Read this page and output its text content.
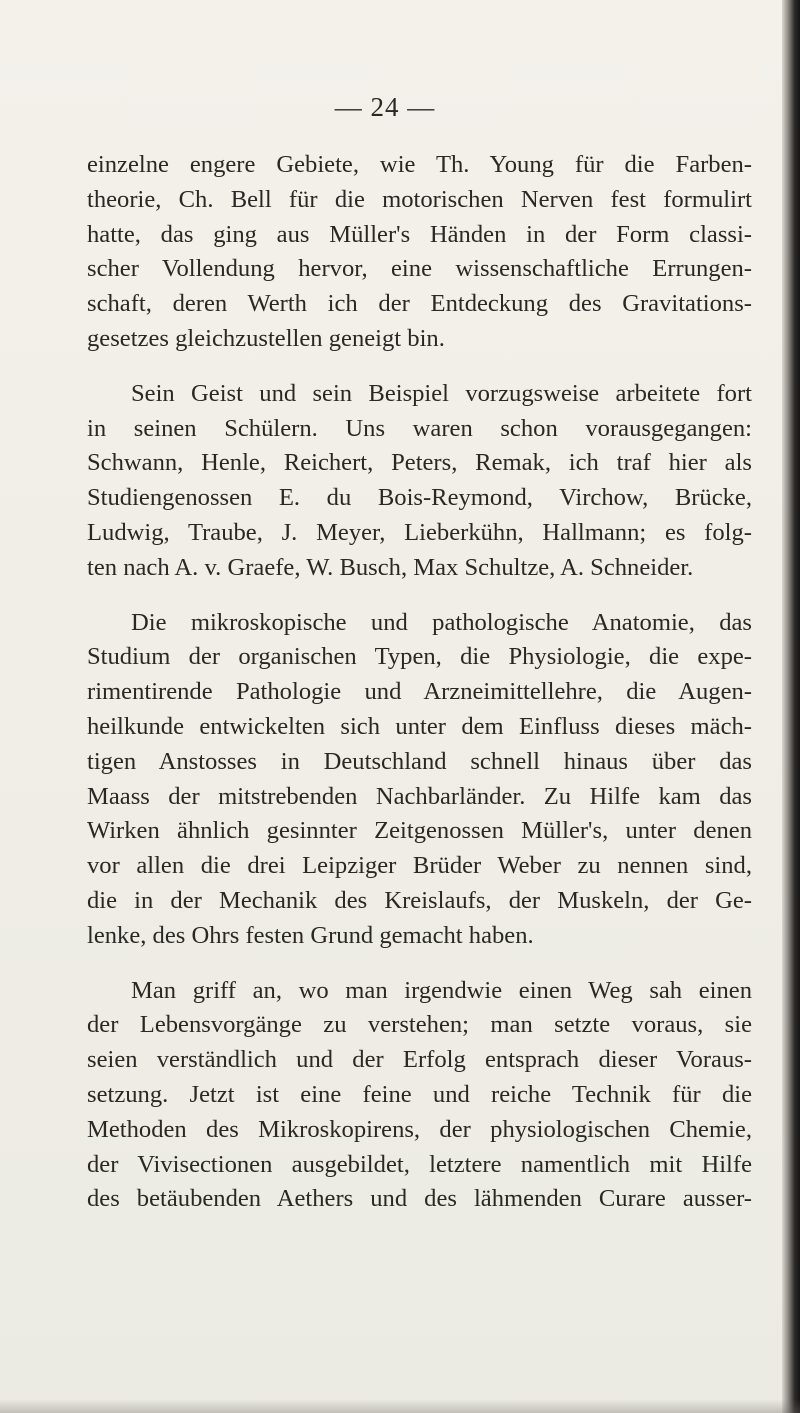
— 24 —
einzelne engere Gebiete, wie Th. Young für die Farben-
theorie, Ch. Bell für die motorischen Nerven fest formulirt
hatte, das ging aus Müller's Händen in der Form classi-
scher Vollendung hervor, eine wissenschaftliche Errungen-
schaft, deren Werth ich der Entdeckung des Gravitations-
gesetzes gleichzustellen geneigt bin.
Sein Geist und sein Beispiel vorzugsweise arbeitete fort
in seinen Schülern. Uns waren schon vorausgegangen:
Schwann, Henle, Reichert, Peters, Remak, ich traf hier als
Studiengenossen E. du Bois-Reymond, Virchow, Brücke,
Ludwig, Traube, J. Meyer, Lieberkühn, Hallmann; es folg-
ten nach A. v. Graefe, W. Busch, Max Schultze, A. Schneider.
Die mikroskopische und pathologische Anatomie, das
Studium der organischen Typen, die Physiologie, die expe-
rimentirende Pathologie und Arzneimittellehre, die Augen-
heilkunde entwickelten sich unter dem Einfluss dieses mäch-
tigen Anstosses in Deutschland schnell hinaus über das
Maass der mitstrebenden Nachbarländer. Zu Hilfe kam das
Wirken ähnlich gesinnter Zeitgenossen Müller's, unter denen
vor allen die drei Leipziger Brüder Weber zu nennen sind,
die in der Mechanik des Kreislaufs, der Muskeln, der Ge-
lenke, des Ohrs festen Grund gemacht haben.
Man griff an, wo man irgendwie einen Weg sah einen
der Lebensvorgänge zu verstehen; man setzte voraus, sie
seien verständlich und der Erfolg entsprach dieser Voraus-
setzung. Jetzt ist eine feine und reiche Technik für die
Methoden des Mikroskopirens, der physiologischen Chemie,
der Vivisectionen ausgebildet, letztere namentlich mit Hilfe
des betäubenden Aethers und des lähmenden Curare ausser-
